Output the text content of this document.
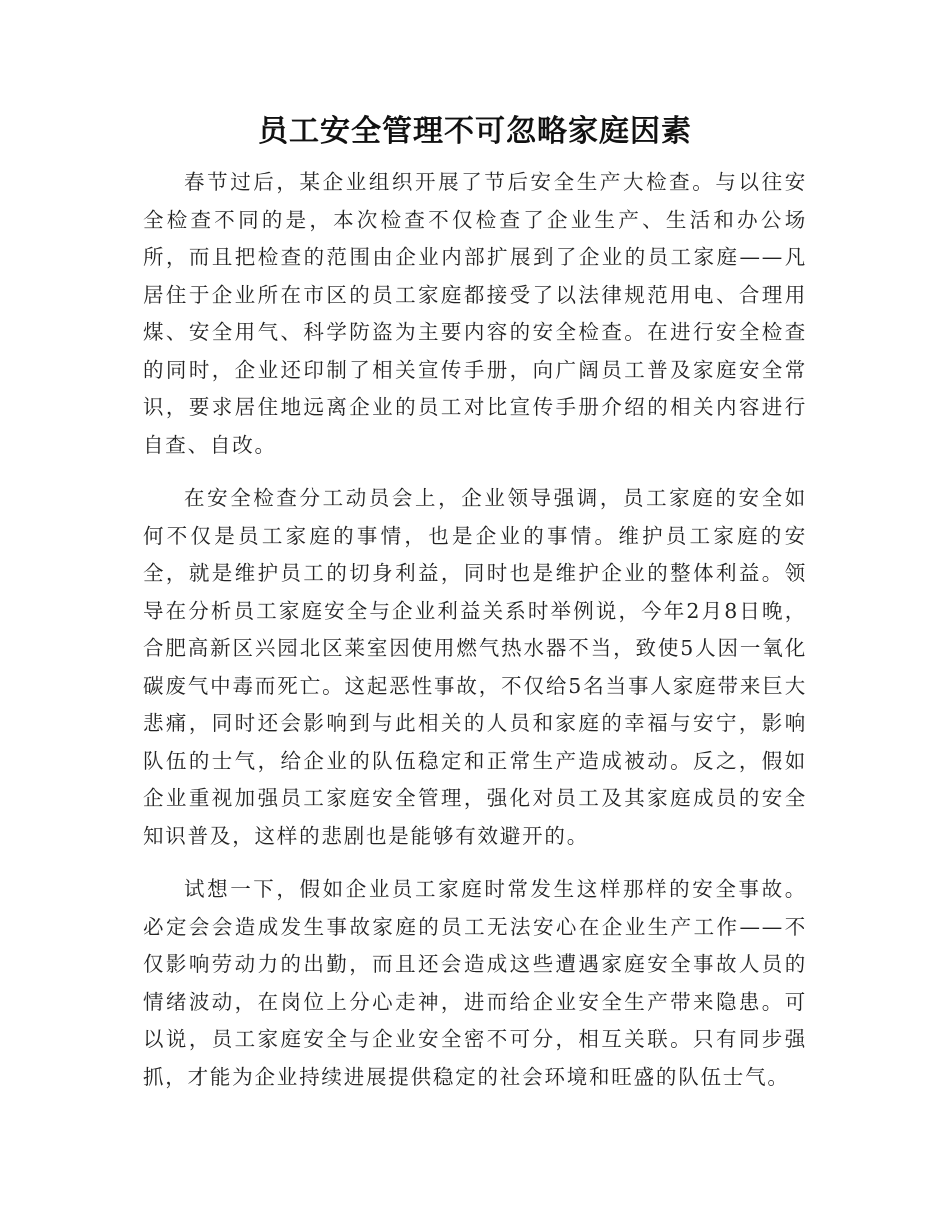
员工安全管理不可忽略家庭因素

春节过后，某企业组织开展了节后安全生产大检查。与以往安全检查不同的是，本次检查不仅检查了企业生产、生活和办公场所，而且把检查的范围由企业内部扩展到了企业的员工家庭——凡居住于企业所在市区的员工家庭都接受了以法律规范用电、合理用煤、安全用气、科学防盗为主要内容的安全检查。在进行安全检查的同时，企业还印制了相关宣传手册，向广阔员工普及家庭安全常识，要求居住地远离企业的员工对比宣传手册介绍的相关内容进行自查、自改。

在安全检查分工动员会上，企业领导强调，员工家庭的安全如何不仅是员工家庭的事情，也是企业的事情。维护员工家庭的安全，就是维护员工的切身利益，同时也是维护企业的整体利益。领导在分析员工家庭安全与企业利益关系时举例说，今年2月8日晚，合肥高新区兴园北区莱室因使用燃气热水器不当，致使5人因一氧化碳废气中毒而死亡。这起恶性事故，不仅给5名当事人家庭带来巨大悲痛，同时还会影响到与此相关的人员和家庭的幸福与安宁，影响队伍的士气，给企业的队伍稳定和正常生产造成被动。反之，假如企业重视加强员工家庭安全管理，强化对员工及其家庭成员的安全知识普及，这样的悲剧也是能够有效避开的。

试想一下，假如企业员工家庭时常发生这样那样的安全事故。必定会会造成发生事故家庭的员工无法安心在企业生产工作——不仅影响劳动力的出勤，而且还会造成这些遭遇家庭安全事故人员的情绪波动，在岗位上分心走神，进而给企业安全生产带来隐患。可以说，员工家庭安全与企业安全密不可分，相互关联。只有同步强抓，才能为企业持续进展提供稳定的社会环境和旺盛的队伍士气。
